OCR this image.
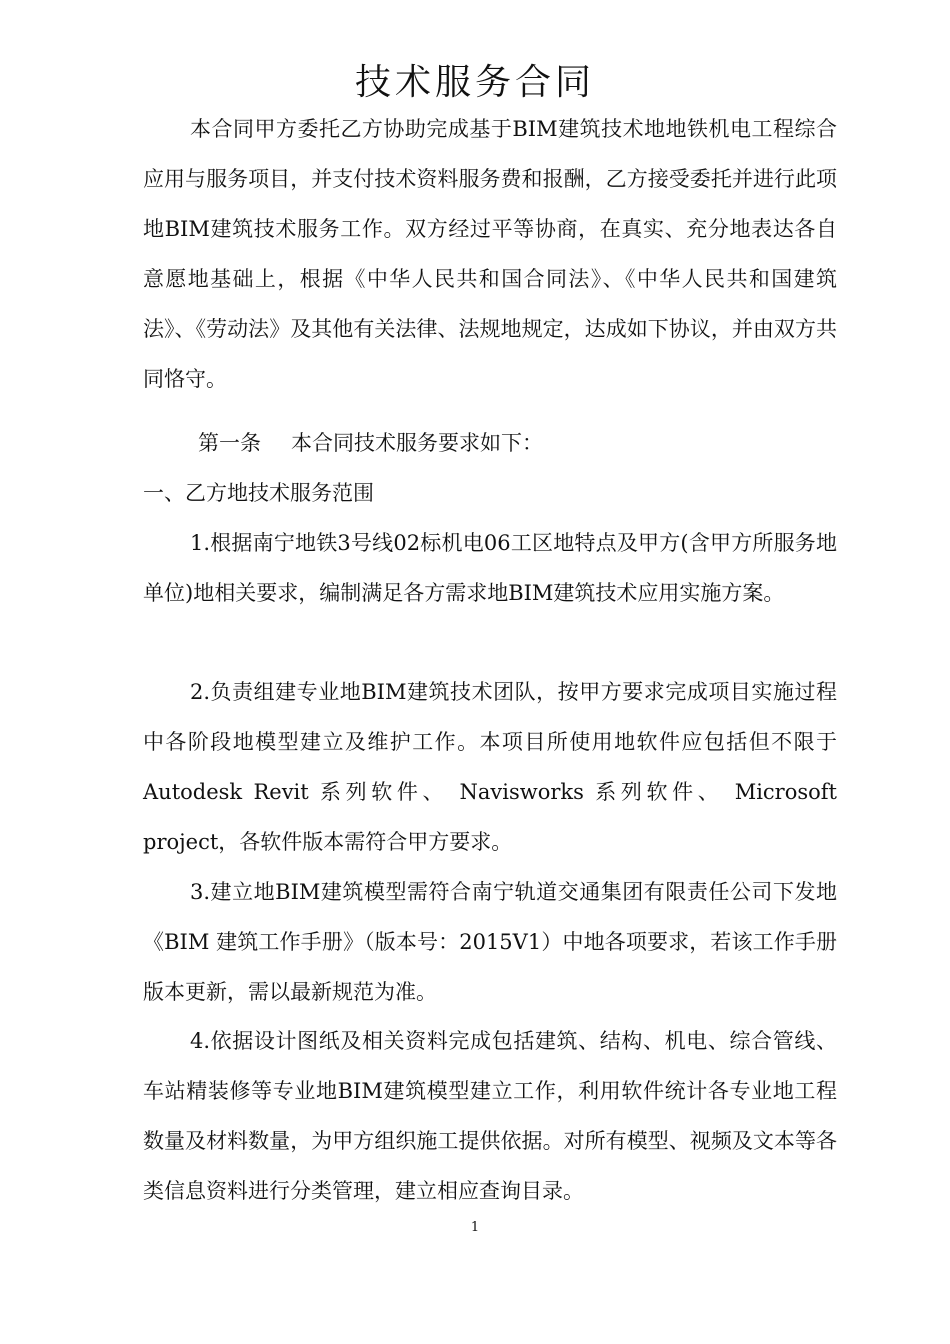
技术服务合同

本合同甲方委托乙方协助完成基于BIM建筑技术地地铁机电工程综合应用与服务项目，并支付技术资料服务费和报酬，乙方接受委托并进行此项地BIM建筑技术服务工作。双方经过平等协商，在真实、充分地表达各自意愿地基础上，根据《中华人民共和国合同法》、《中华人民共和国建筑法》、《劳动法》及其他有关法律、法规地规定，达成如下协议，并由双方共同恪守。

第一条 本合同技术服务要求如下：
一、乙方地技术服务范围

1.根据南宁地铁3号线02标机电06工区地特点及甲方(含甲方所服务地单位)地相关要求，编制满足各方需求地BIM建筑技术应用实施方案。

2.负责组建专业地BIM建筑技术团队，按甲方要求完成项目实施过程中各阶段地模型建立及维护工作。本项目所使用地软件应包括但不限于 Autodesk Revit 系列软件、 Navisworks 系列软件、 Microsoft project，各软件版本需符合甲方要求。

3.建立地BIM建筑模型需符合南宁轨道交通集团有限责任公司下发地《BIM 建筑工作手册》（版本号：2015V1）中地各项要求，若该工作手册版本更新，需以最新规范为准。

4.依据设计图纸及相关资料完成包括建筑、结构、机电、综合管线、车站精装修等专业地BIM建筑模型建立工作，利用软件统计各专业地工程数量及材料数量，为甲方组织施工提供依据。对所有模型、视频及文本等各类信息资料进行分类管理，建立相应查询目录。

1
